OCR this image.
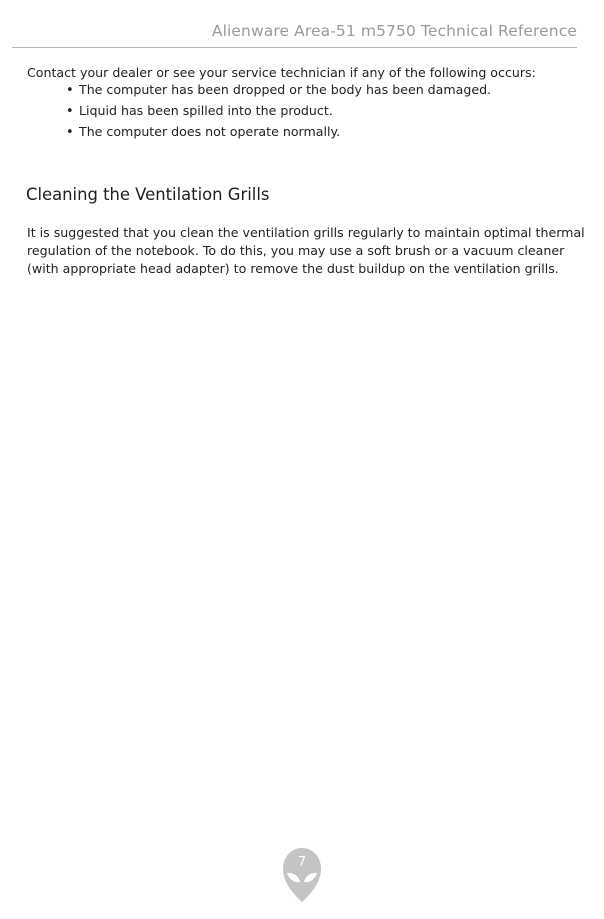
Alienware Area-51 m5750 Technical Reference
Contact your dealer or see your service technician if any of the following occurs:
• The computer has been dropped or the body has been damaged.
• Liquid has been spilled into the product.
• The computer does not operate normally.
Cleaning the Ventilation Grills

It is suggested that you clean the ventilation grills regularly to maintain optimal thermal
regulation of the notebook. To do this, you may use a soft brush or a vacuum cleaner
(with appropriate head adapter) to remove the dust buildup on the ventilation grills.

7
